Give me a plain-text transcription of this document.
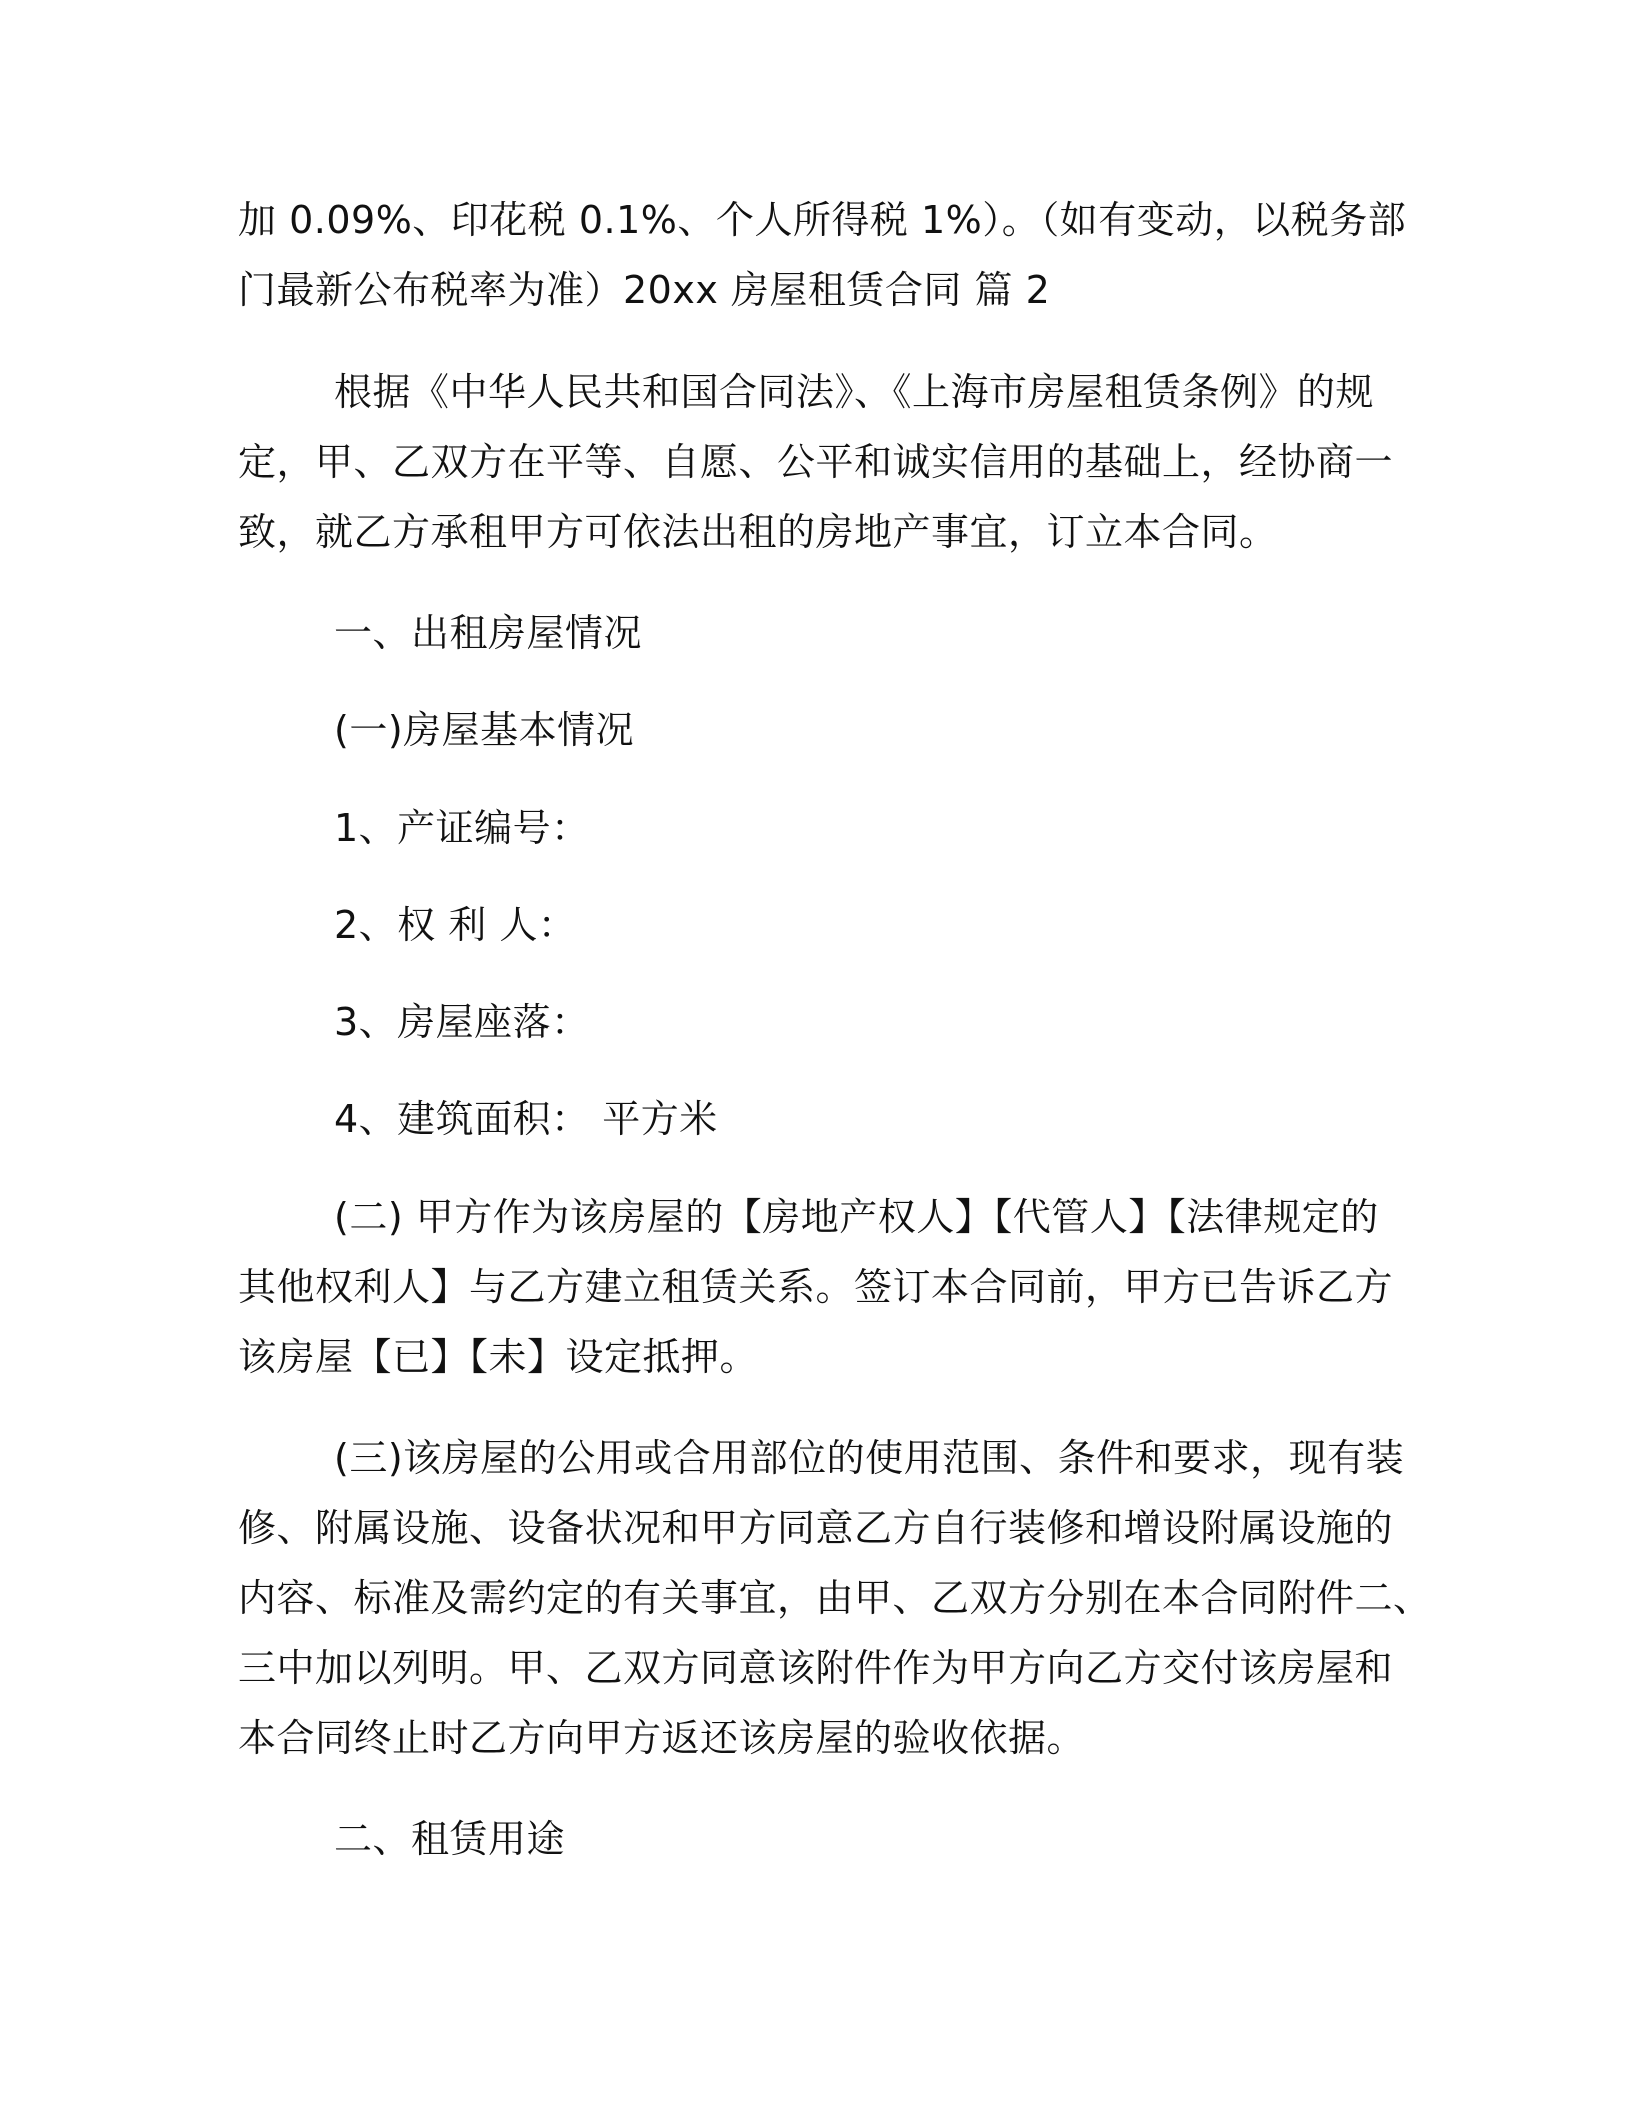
加 0.09%、印花税 0.1%、个人所得税 1%）。（如有变动，以税务部
门最新公布税率为准）20xx 房屋租赁合同 篇 2
根据《中华人民共和国合同法》、《上海市房屋租赁条例》的规
定，甲、乙双方在平等、自愿、公平和诚实信用的基础上，经协商一
致，就乙方承租甲方可依法出租的房地产事宜，订立本合同。
一、出租房屋情况
(一)房屋基本情况
1、产证编号：
2、权 利 人：
3、房屋座落：
4、建筑面积： 平方米
(二) 甲方作为该房屋的【房地产权人】【代管人】【法律规定的
其他权利人】与乙方建立租赁关系。签订本合同前，甲方已告诉乙方
该房屋【已】【未】设定抵押。
(三)该房屋的公用或合用部位的使用范围、条件和要求，现有装
修、附属设施、设备状况和甲方同意乙方自行装修和增设附属设施的
内容、标准及需约定的有关事宜，由甲、乙双方分别在本合同附件二、
三中加以列明。甲、乙双方同意该附件作为甲方向乙方交付该房屋和
本合同终止时乙方向甲方返还该房屋的验收依据。
二、租赁用途
